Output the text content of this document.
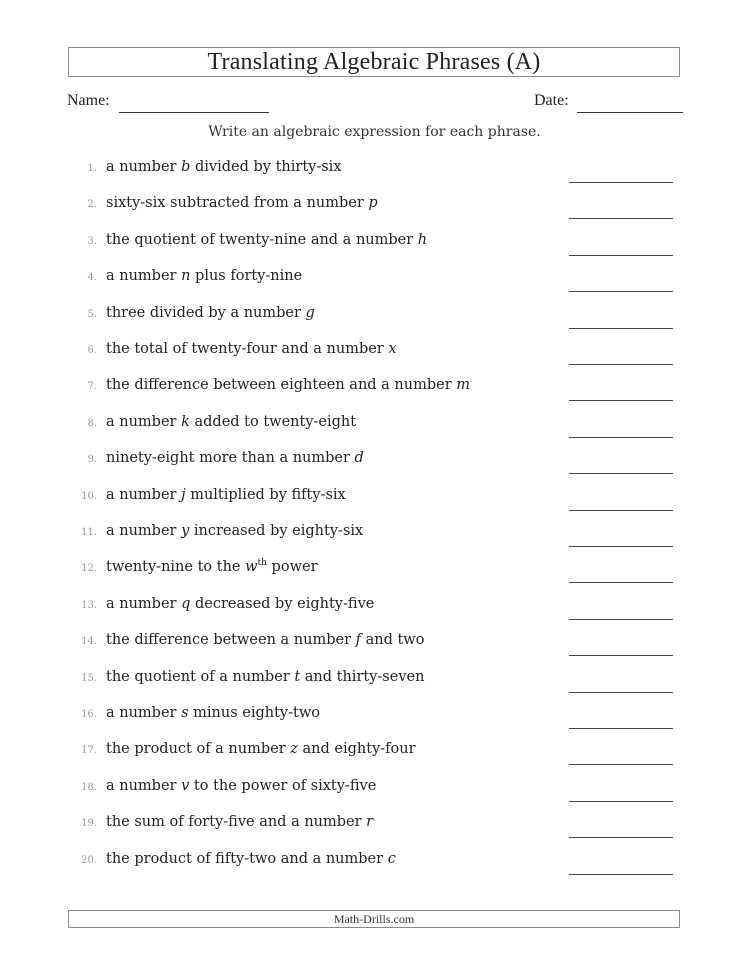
Translating Algebraic Phrases (A)
Name:	Date:
Write an algebraic expression for each phrase.
1. a number b divided by thirty-six
2. sixty-six subtracted from a number p
3. the quotient of twenty-nine and a number h
4. a number n plus forty-nine
5. three divided by a number g
6. the total of twenty-four and a number x
7. the difference between eighteen and a number m
8. a number k added to twenty-eight
9. ninety-eight more than a number d
10. a number j multiplied by fifty-six
11. a number y increased by eighty-six
12. twenty-nine to the $w^{th}$ power
13. a number q decreased by eighty-five
14. the difference between a number f and two
15. the quotient of a number t and thirty-seven
16. a number s minus eighty-two
17. the product of a number z and eighty-four
18. a number v to the power of sixty-five
19. the sum of forty-five and a number r
20. the product of fifty-two and a number c
Math-Drills.com
